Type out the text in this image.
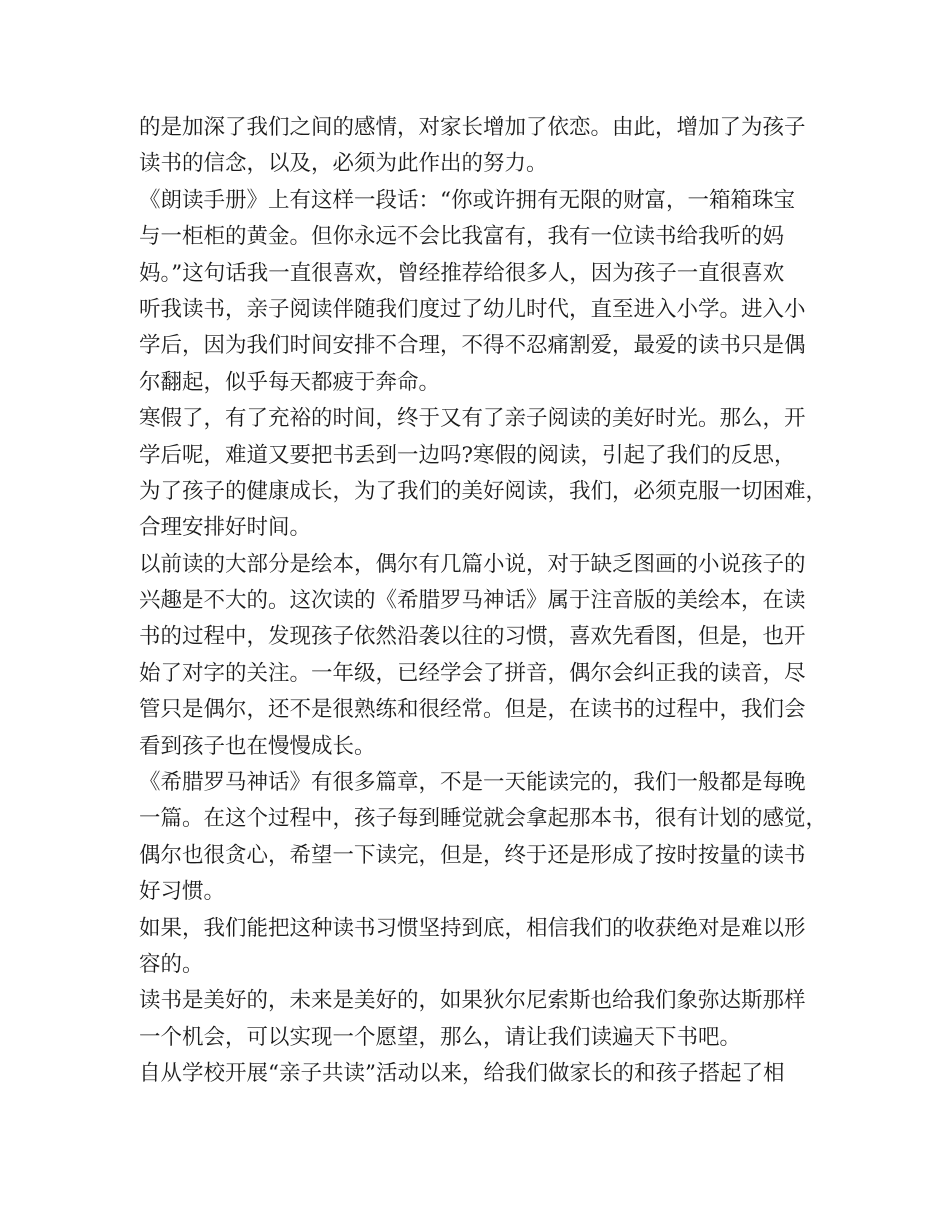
的是加深了我们之间的感情，对家长增加了依恋。由此，增加了为孩子
读书的信念，以及，必须为此作出的努力。
《朗读手册》上有这样一段话：“你或许拥有无限的财富，一箱箱珠宝
与一柜柜的黄金。但你永远不会比我富有，我有一位读书给我听的妈
妈。”这句话我一直很喜欢，曾经推荐给很多人，因为孩子一直很喜欢
听我读书，亲子阅读伴随我们度过了幼儿时代，直至进入小学。进入小
学后，因为我们时间安排不合理，不得不忍痛割爱，最爱的读书只是偶
尔翻起，似乎每天都疲于奔命。
寒假了，有了充裕的时间，终于又有了亲子阅读的美好时光。那么，开
学后呢，难道又要把书丢到一边吗?寒假的阅读，引起了我们的反思，
为了孩子的健康成长，为了我们的美好阅读，我们，必须克服一切困难，
合理安排好时间。
以前读的大部分是绘本，偶尔有几篇小说，对于缺乏图画的小说孩子的
兴趣是不大的。这次读的《希腊罗马神话》属于注音版的美绘本，在读
书的过程中，发现孩子依然沿袭以往的习惯，喜欢先看图，但是，也开
始了对字的关注。一年级，已经学会了拼音，偶尔会纠正我的读音，尽
管只是偶尔，还不是很熟练和很经常。但是，在读书的过程中，我们会
看到孩子也在慢慢成长。
《希腊罗马神话》有很多篇章，不是一天能读完的，我们一般都是每晚
一篇。在这个过程中，孩子每到睡觉就会拿起那本书，很有计划的感觉，
偶尔也很贪心，希望一下读完，但是，终于还是形成了按时按量的读书
好习惯。
如果，我们能把这种读书习惯坚持到底，相信我们的收获绝对是难以形
容的。
读书是美好的，未来是美好的，如果狄尔尼索斯也给我们象弥达斯那样
一个机会，可以实现一个愿望，那么，请让我们读遍天下书吧。
自从学校开展“亲子共读”活动以来，给我们做家长的和孩子搭起了相
